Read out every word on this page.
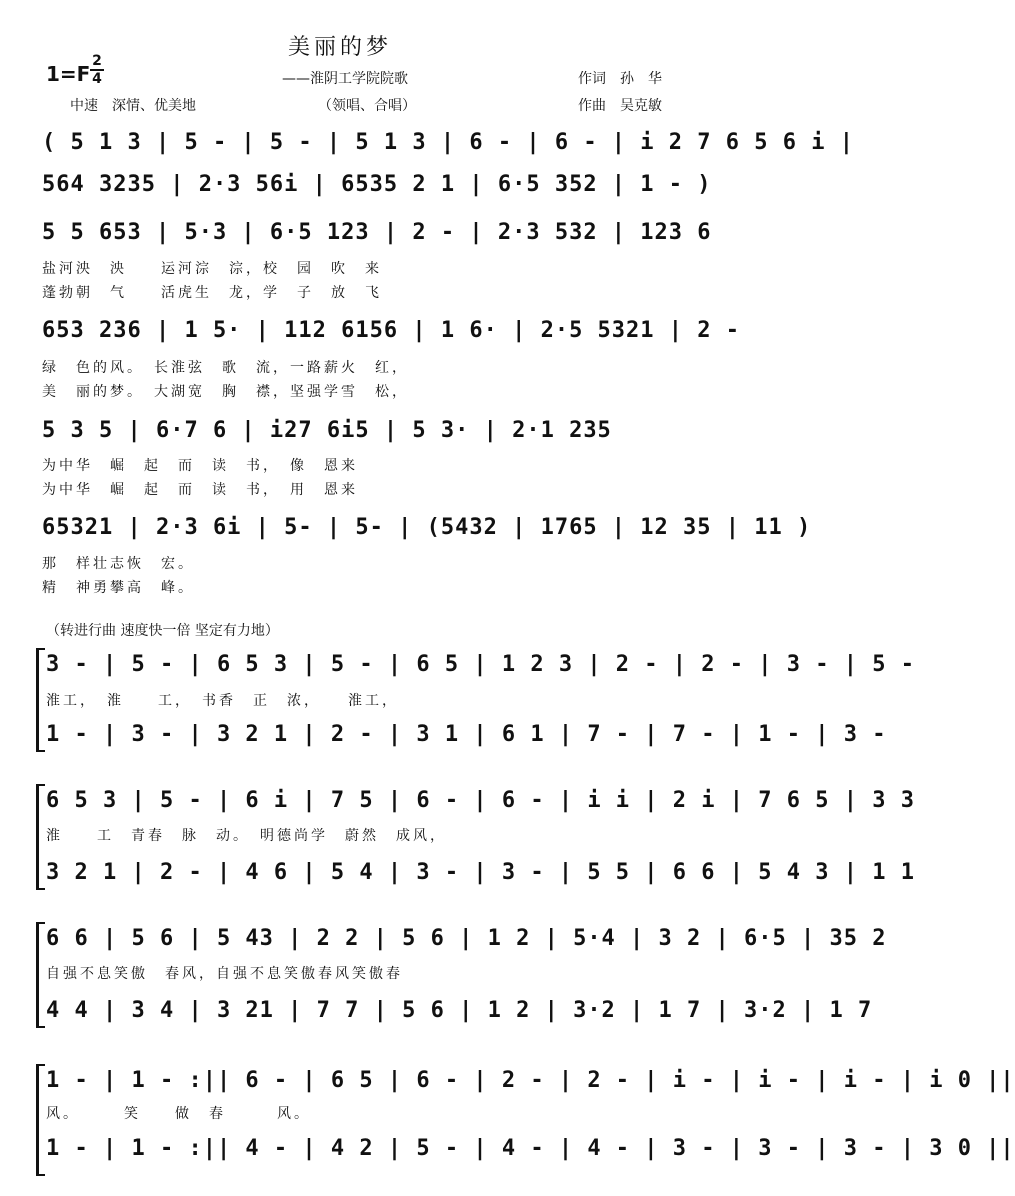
美丽的梦
1=F
2
4	——淮阴工学院院歌	作词　孙　华
中速　深情、优美地	（领唱、合唱）	作曲　吴克敏
( 5 1 3 | 5 - | 5 - | 5 1 3 | 6 - | 6 - | i 2 7 6 5 6 i |
564 3235 | 2·3 56i | 6535 2 1 | 6·5 352 | 1 - )
5 5 653 | 5·3 | 6·5 123 | 2 - | 2·3 532 | 123 6
盐河泱　泱　　运河淙　淙，校　园　吹　来
蓬勃朝　气　　活虎生　龙，学　子　放　飞
653 236 | 1 5· | 112 6156 | 1 6· | 2·5 5321 | 2 -
绿　色的风。　长淮弦　歌　流，一路薪火　红，
美　丽的梦。　大湖宽　胸　襟，坚强学雪　松，
5 3 5 | 6·7 6 | i27 6i5 | 5 3· | 2·1 235
为中华　崛　起　而　读　书，　像　恩来
为中华　崛　起　而　读　书，　用　恩来
65321 | 2·3 6i | 5- | 5- | (5432 | 1765 | 12 35 | 11 )
那　样壮志恢　宏。
精　神勇攀高　峰。
（转进行曲 速度快一倍 坚定有力地）
3 - | 5 - | 6 5 3 | 5 - | 6 5 | 1 2 3 | 2 - | 2 - | 3 - | 5 -
淮工，　淮　　工，　书香　正　浓，　　淮工，
1 - | 3 - | 3 2 1 | 2 - | 3 1 | 6 1 | 7 - | 7 - | 1 - | 3 -
6 5 3 | 5 - | 6 i | 7 5 | 6 - | 6 - | i i | 2 i | 7 6 5 | 3 3
淮　　工　青春　脉　动。　明德尚学　蔚然　成风，
3 2 1 | 2 - | 4 6 | 5 4 | 3 - | 3 - | 5 5 | 6 6 | 5 4 3 | 1 1
6 6 | 5 6 | 5 43 | 2 2 | 5 6 | 1 2 | 5·4 | 3 2 | 6·5 | 35 2
自强不息笑傲　春风，自强不息笑傲春风笑傲春
4 4 | 3 4 | 3 21 | 7 7 | 5 6 | 1 2 | 3·2 | 1 7 | 3·2 | 1 7
1 - | 1 - :|| 6 - | 6 5 | 6 - | 2 - | 2 - | i - | i - | i - | i 0 ||
风。　　　笑　　做　春　　　风。
1 - | 1 - :|| 4 - | 4 2 | 5 - | 4 - | 4 - | 3 - | 3 - | 3 - | 3 0 ||
